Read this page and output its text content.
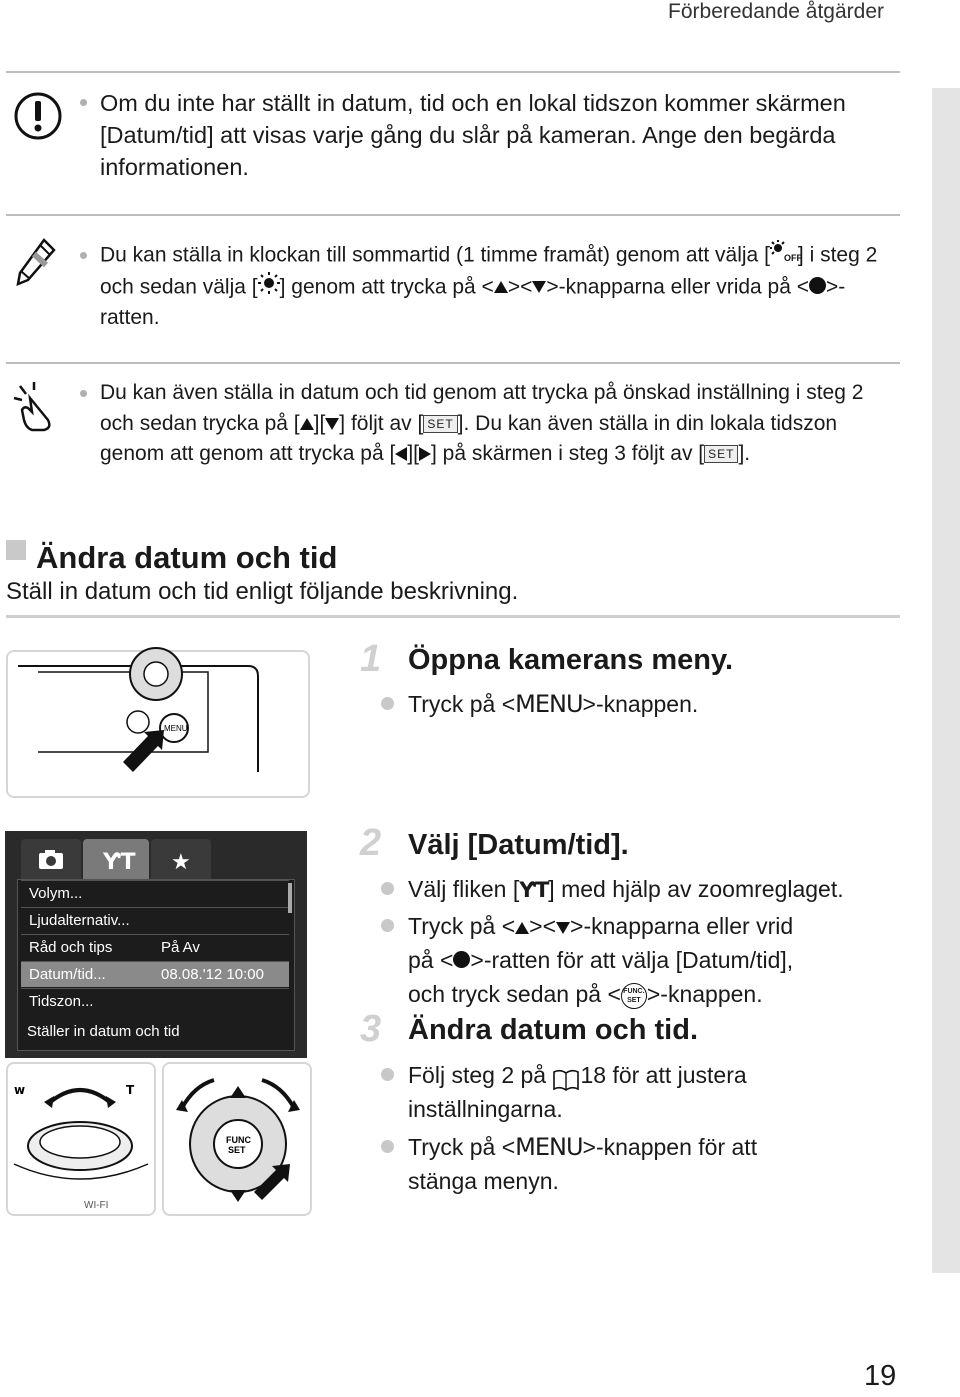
Förberedande åtgärder
Om du inte har ställt in datum, tid och en lokal tidszon kommer skärmen [Datum/tid] att visas varje gång du slår på kameran. Ange den begärda informationen.
Du kan ställa in klockan till sommartid (1 timme framåt) genom att välja [ OFF
] i steg 2 och sedan välja [ ] genom att trycka på < >< >-knapparna eller vrida på < >-ratten.
Du kan även ställa in datum och tid genom att trycka på önskad inställning i steg 2 och sedan trycka på [ ][ ] följt av [ SET ]. Du kan även ställa in din lokala tidszon genom att genom att trycka på [ ][ ] på skärmen i steg 3 följt av [ SET ].
Ändra datum och tid
Ställ in datum och tid enligt följande beskrivning.
MENU
1 Öppna kamerans meny.
Tryck på <MENU>-knappen.
ƳT ★
Volym...
Ljudalternativ...
Råd och tips	På Av
Datum/tid...	08.08.'12 10:00
Tidszon...
Ställer in datum och tid
ᴡ	T
WI-FI
FUNC
SET
2 Välj [Datum/tid].
Välj fliken [ƳT] med hjälp av zoomreglaget.
Tryck på < >< >-knapparna eller vrid
på < >-ratten för att välja [Datum/tid],
och tryck sedan på < FUNC.
SET >-knappen.
3 Ändra datum och tid.
Följ steg 2 på 18 för att justera
inställningarna.
Tryck på <MENU>-knappen för att
stänga menyn.
19
